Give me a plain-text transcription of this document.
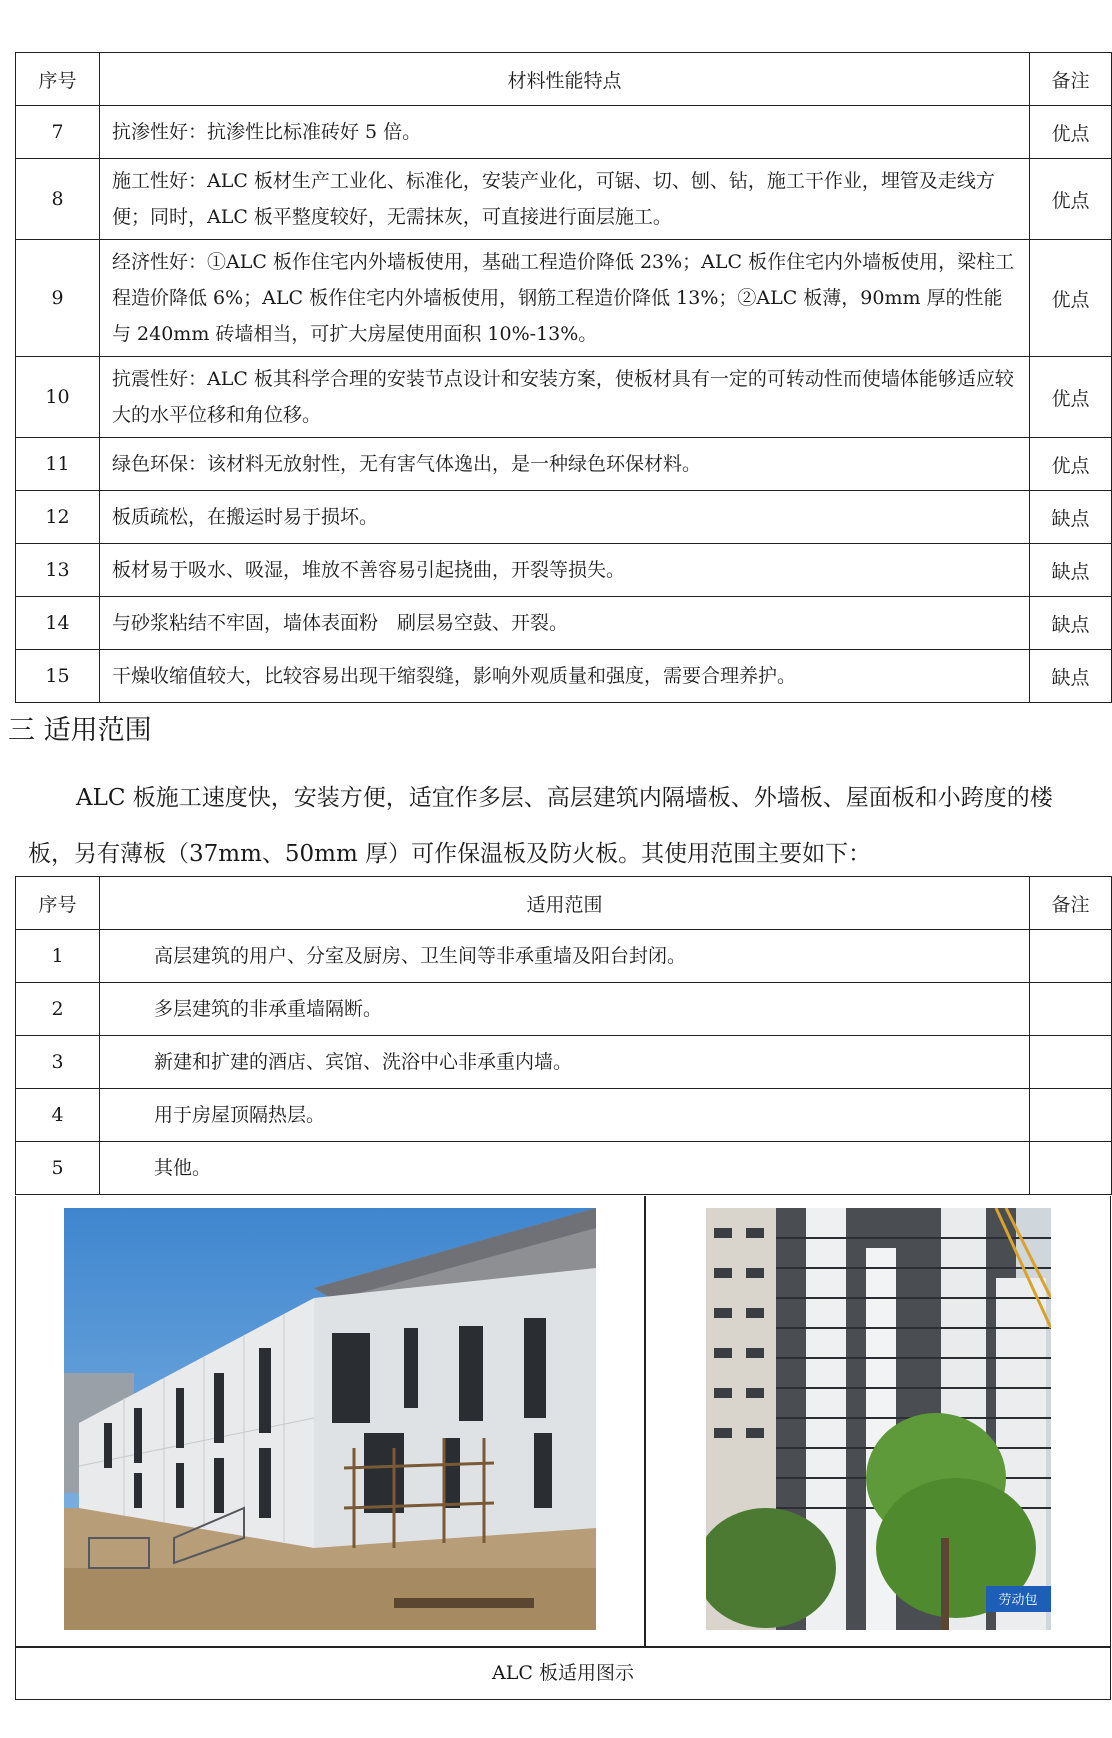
序号	材料性能特点	备注
7	抗渗性好：抗渗性比标准砖好 5 倍。	优点
8	施工性好：ALC 板材生产工业化、标准化，安装产业化，可锯、切、刨、钻，施工干作业，埋管及走线方便；同时，ALC 板平整度较好，无需抹灰，可直接进行面层施工。	优点
9	经济性好：①ALC 板作住宅内外墙板使用，基础工程造价降低 23%；ALC 板作住宅内外墙板使用，梁柱工程造价降低 6%；ALC 板作住宅内外墙板使用，钢筋工程造价降低 13%；②ALC 板薄，90mm 厚的性能与 240mm 砖墙相当，可扩大房屋使用面积 10%-13%。	优点
10	抗震性好：ALC 板其科学合理的安装节点设计和安装方案，使板材具有一定的可转动性而使墙体能够适应较大的水平位移和角位移。	优点
11	绿色环保：该材料无放射性，无有害气体逸出，是一种绿色环保材料。	优点
12	板质疏松，在搬运时易于损坏。	缺点
13	板材易于吸水、吸湿，堆放不善容易引起挠曲，开裂等损失。	缺点
14	与砂浆粘结不牢固，墙体表面粉　刷层易空鼓、开裂。	缺点
15	干燥收缩值较大，比较容易出现干缩裂缝，影响外观质量和强度，需要合理养护。	缺点
三 适用范围

ALC 板施工速度快，安装方便，适宜作多层、高层建筑内隔墙板、外墙板、屋面板和小跨度的楼板，另有薄板（37mm、50mm 厚）可作保温板及防火板。其使用范围主要如下：

序号	适用范围	备注
1	高层建筑的用户、分室及厨房、卫生间等非承重墙及阳台封闭。	
2	多层建筑的非承重墙隔断。	
3	新建和扩建的酒店、宾馆、洗浴中心非承重内墙。	
4	用于房屋顶隔热层。	
5	其他。	
劳动包
ALC 板适用图示
